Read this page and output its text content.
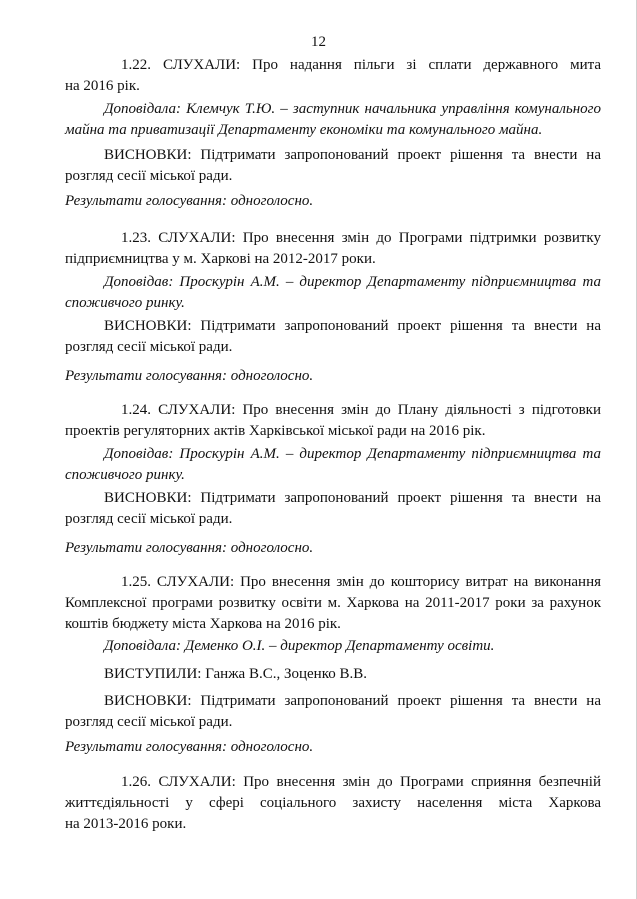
12
1.22. СЛУХАЛИ: Про надання пільги зі сплати державного мита
на 2016 рік.
Доповідала: Клемчук Т.Ю. – заступник начальника управління комунального
майна та приватизації Департаменту економіки та комунального майна.
ВИСНОВКИ: Підтримати запропонований проект рішення та внести на
розгляд сесії міської ради.
Результати голосування: одноголосно.
1.23. СЛУХАЛИ: Про внесення змін до Програми підтримки розвитку
підприємництва у м. Харкові на 2012-2017 роки.
Доповідав: Проскурін А.М. – директор Департаменту підприємництва та
споживчого ринку.
ВИСНОВКИ: Підтримати запропонований проект рішення та внести на
розгляд сесії міської ради.
Результати голосування: одноголосно.
1.24. СЛУХАЛИ: Про внесення змін до Плану діяльності з підготовки
проектів регуляторних актів Харківської міської ради на 2016 рік.
Доповідав: Проскурін А.М. – директор Департаменту підприємництва та
споживчого ринку.
ВИСНОВКИ: Підтримати запропонований проект рішення та внести на
розгляд сесії міської ради.
Результати голосування: одноголосно.
1.25. СЛУХАЛИ: Про внесення змін до кошторису витрат на виконання
Комплексної програми розвитку освіти м. Харкова на 2011-2017 роки за рахунок
коштів бюджету міста Харкова на 2016 рік.
Доповідала: Деменко О.І. – директор Департаменту освіти.
ВИСТУПИЛИ: Ганжа В.С., Зоценко В.В.
ВИСНОВКИ: Підтримати запропонований проект рішення та внести на
розгляд сесії міської ради.
Результати голосування: одноголосно.
1.26. СЛУХАЛИ: Про внесення змін до Програми сприяння безпечній
життєдіяльності у сфері соціального захисту населення міста Харкова
на 2013-2016 роки.
